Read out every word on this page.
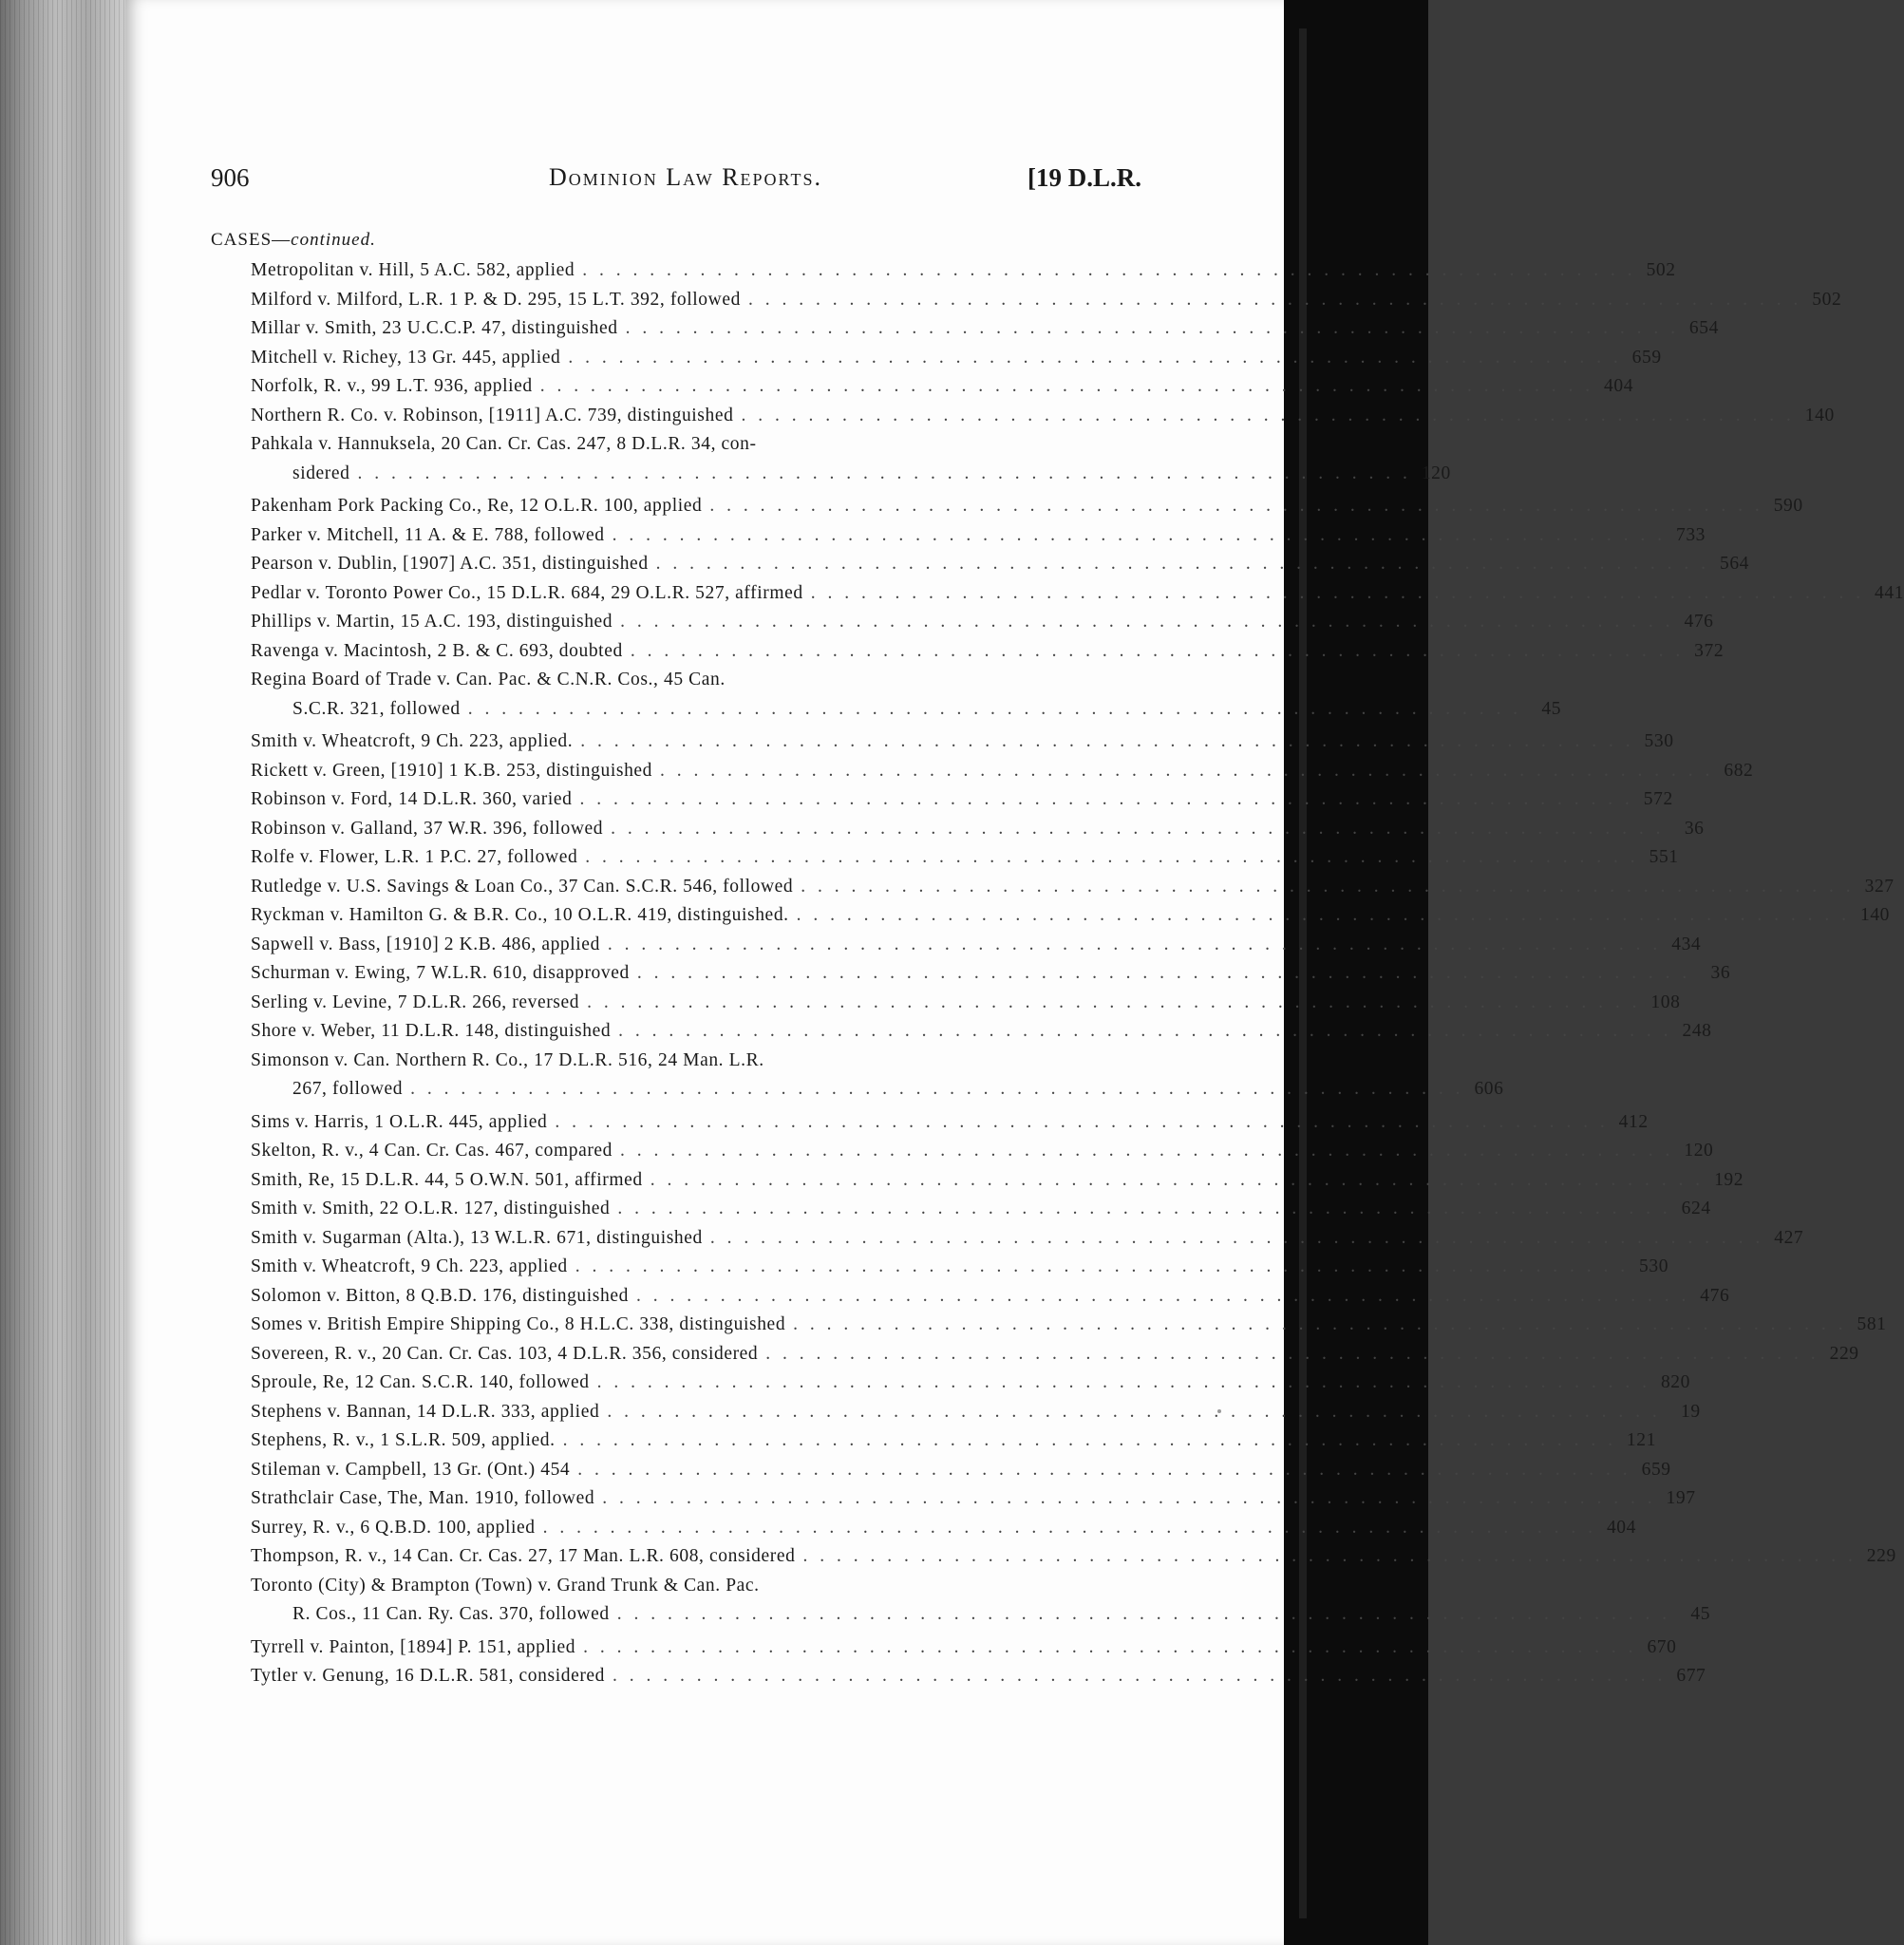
906	Dominion Law Reports.	[19 D.L.R.
CASES—continued.
Metropolitan v. Hill, 5 A.C. 582, applied . . .	502
Milford v. Milford, L.R. 1 P. & D. 295, 15 L.T. 392, followed . . .	502
Millar v. Smith, 23 U.C.C.P. 47, distinguished . . .	654
Mitchell v. Richey, 13 Gr. 445, applied . . .	659
Norfolk, R. v., 99 L.T. 936, applied . . .	404
Northern R. Co. v. Robinson, [1911] A.C. 739, distinguished . . .	140
Pahkala v. Hannuksela, 20 Can. Cr. Cas. 247, 8 D.L.R. 34, con-
sidered . . .	120
Pakenham Pork Packing Co., Re, 12 O.L.R. 100, applied . . .	590
Parker v. Mitchell, 11 A. & E. 788, followed . . .	733
Pearson v. Dublin, [1907] A.C. 351, distinguished . . .	564
Pedlar v. Toronto Power Co., 15 D.L.R. 684, 29 O.L.R. 527, affirmed . . .	441
Phillips v. Martin, 15 A.C. 193, distinguished . . .	476
Ravenga v. Macintosh, 2 B. & C. 693, doubted . . .	372
Regina Board of Trade v. Can. Pac. & C.N.R. Cos., 45 Can.
S.C.R. 321, followed . . .	45
Smith v. Wheatcroft, 9 Ch. 223, applied. . . .	530
Rickett v. Green, [1910] 1 K.B. 253, distinguished . . .	682
Robinson v. Ford, 14 D.L.R. 360, varied . . .	572
Robinson v. Galland, 37 W.R. 396, followed . . .	36
Rolfe v. Flower, L.R. 1 P.C. 27, followed . . .	551
Rutledge v. U.S. Savings & Loan Co., 37 Can. S.C.R. 546, followed . . .	327
Ryckman v. Hamilton G. & B.R. Co., 10 O.L.R. 419, distinguished. . . .	140
Sapwell v. Bass, [1910] 2 K.B. 486, applied . . .	434
Schurman v. Ewing, 7 W.L.R. 610, disapproved . . .	36
Serling v. Levine, 7 D.L.R. 266, reversed . . .	108
Shore v. Weber, 11 D.L.R. 148, distinguished . . .	248
Simonson v. Can. Northern R. Co., 17 D.L.R. 516, 24 Man. L.R.
267, followed . . .	606
Sims v. Harris, 1 O.L.R. 445, applied . . .	412
Skelton, R. v., 4 Can. Cr. Cas. 467, compared . . .	120
Smith, Re, 15 D.L.R. 44, 5 O.W.N. 501, affirmed . . .	192
Smith v. Smith, 22 O.L.R. 127, distinguished . . .	624
Smith v. Sugarman (Alta.), 13 W.L.R. 671, distinguished . . .	427
Smith v. Wheatcroft, 9 Ch. 223, applied . . .	530
Solomon v. Bitton, 8 Q.B.D. 176, distinguished . . .	476
Somes v. British Empire Shipping Co., 8 H.L.C. 338, distinguished . . .	581
Sovereen, R. v., 20 Can. Cr. Cas. 103, 4 D.L.R. 356, considered . . .	229
Sproule, Re, 12 Can. S.C.R. 140, followed . . .	820
Stephens v. Bannan, 14 D.L.R. 333, applied . . .	19
Stephens, R. v., 1 S.L.R. 509, applied. . . .	121
Stileman v. Campbell, 13 Gr. (Ont.) 454 . . .	659
Strathclair Case, The, Man. 1910, followed . . .	197
Surrey, R. v., 6 Q.B.D. 100, applied . . .	404
Thompson, R. v., 14 Can. Cr. Cas. 27, 17 Man. L.R. 608, considered . . .	229
Toronto (City) & Brampton (Town) v. Grand Trunk & Can. Pac.
R. Cos., 11 Can. Ry. Cas. 370, followed . . .	45
Tyrrell v. Painton, [1894] P. 151, applied . . .	670
Tytler v. Genung, 16 D.L.R. 581, considered . . .	677
